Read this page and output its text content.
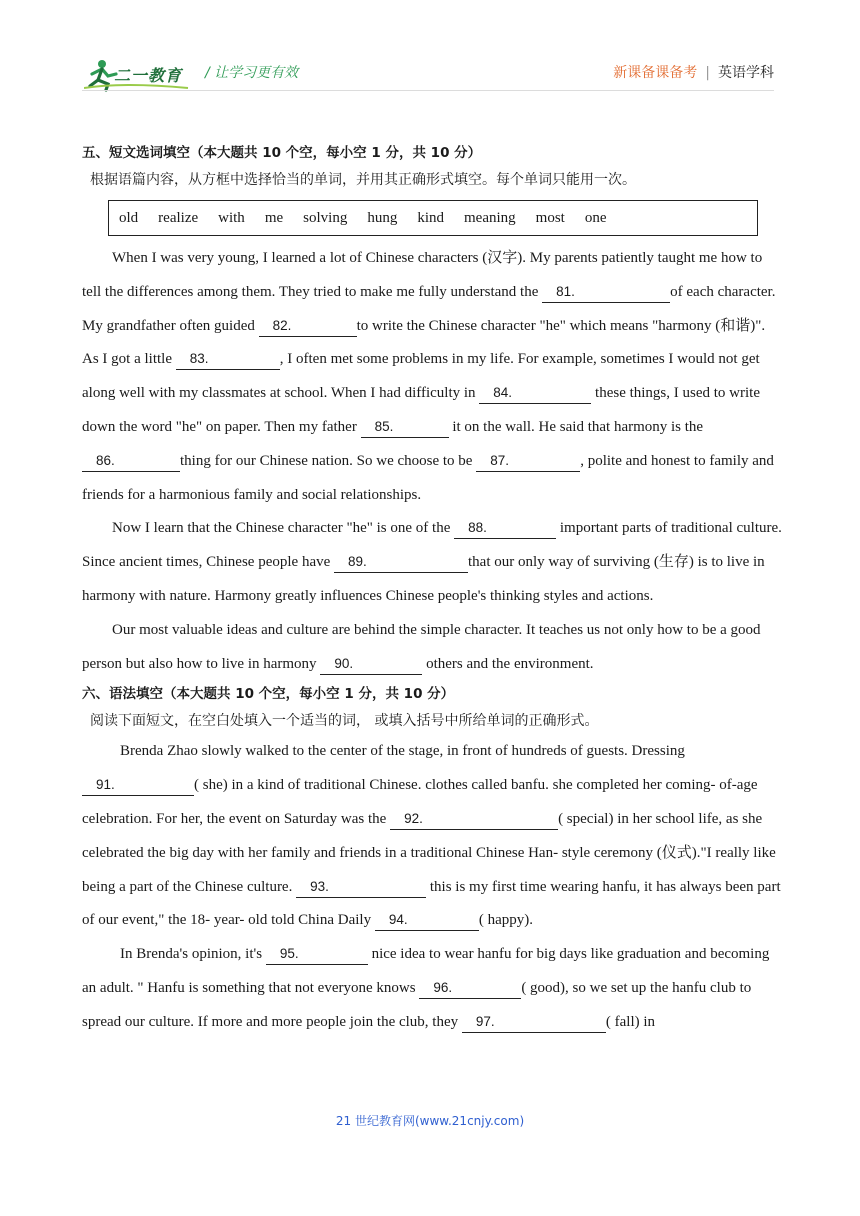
二一教育 / 让学习更有效	新课备课备考 | 英语学科

五、短文选词填空（本大题共 10 个空，每小空 1 分，共 10 分）

根据语篇内容，从方框中选择恰当的单词，并用其正确形式填空。每个单词只能用一次。

old realize with me solving hung kind meaning most one

When I was very young, I learned a lot of Chinese characters (汉字). My parents patiently taught me how to tell the differences among them. They tried to make me fully understand the 81.	of each character. My grandfather often guided 82.	to write the Chinese character "he" which means "harmony (和谐)". As I got a little 83.	, I often met some problems in my life. For example, sometimes I would not get along well with my classmates at school. When I had difficulty in 84.	these things, I used to write down the word "he" on paper. Then my father 85.	it on the wall. He said that harmony is the 86.	thing for our Chinese nation. So we choose to be 87.	, polite and honest to family and friends for a harmonious family and social relationships.

Now I learn that the Chinese character "he" is one of the 88.	important parts of traditional culture. Since ancient times, Chinese people have 89.	that our only way of surviving (生存) is to live in harmony with nature. Harmony greatly influences Chinese people's thinking styles and actions.

Our most valuable ideas and culture are behind the simple character. It teaches us not only how to be a good person but also how to live in harmony 90.	others and the environment.

六、语法填空（本大题共 10 个空，每小空 1 分，共 10 分）

阅读下面短文，在空白处填入一个适当的词， 或填入括号中所给单词的正确形式。

Brenda Zhao slowly walked to the center of the stage, in front of hundreds of guests. Dressing 91.	( she) in a kind of traditional Chinese. clothes called banfu. she completed her coming- of-age celebration. For her, the event on Saturday was the 92.	( special) in her school life, as she celebrated the big day with her family and friends in a traditional Chinese Han- style ceremony (仪式)."I really like being a part of the Chinese culture. 93.	this is my first time wearing hanfu, it has always been part of our event," the 18- year- old told China Daily 94.	( happy).

In Brenda's opinion, it's 95.	nice idea to wear hanfu for big days like graduation and becoming an adult. " Hanfu is something that not everyone knows 96.	( good), so we set up the hanfu club to spread our culture. If more and more people join the club, they 97.	( fall) in

21 世纪教育网(www.21cnjy.com)
